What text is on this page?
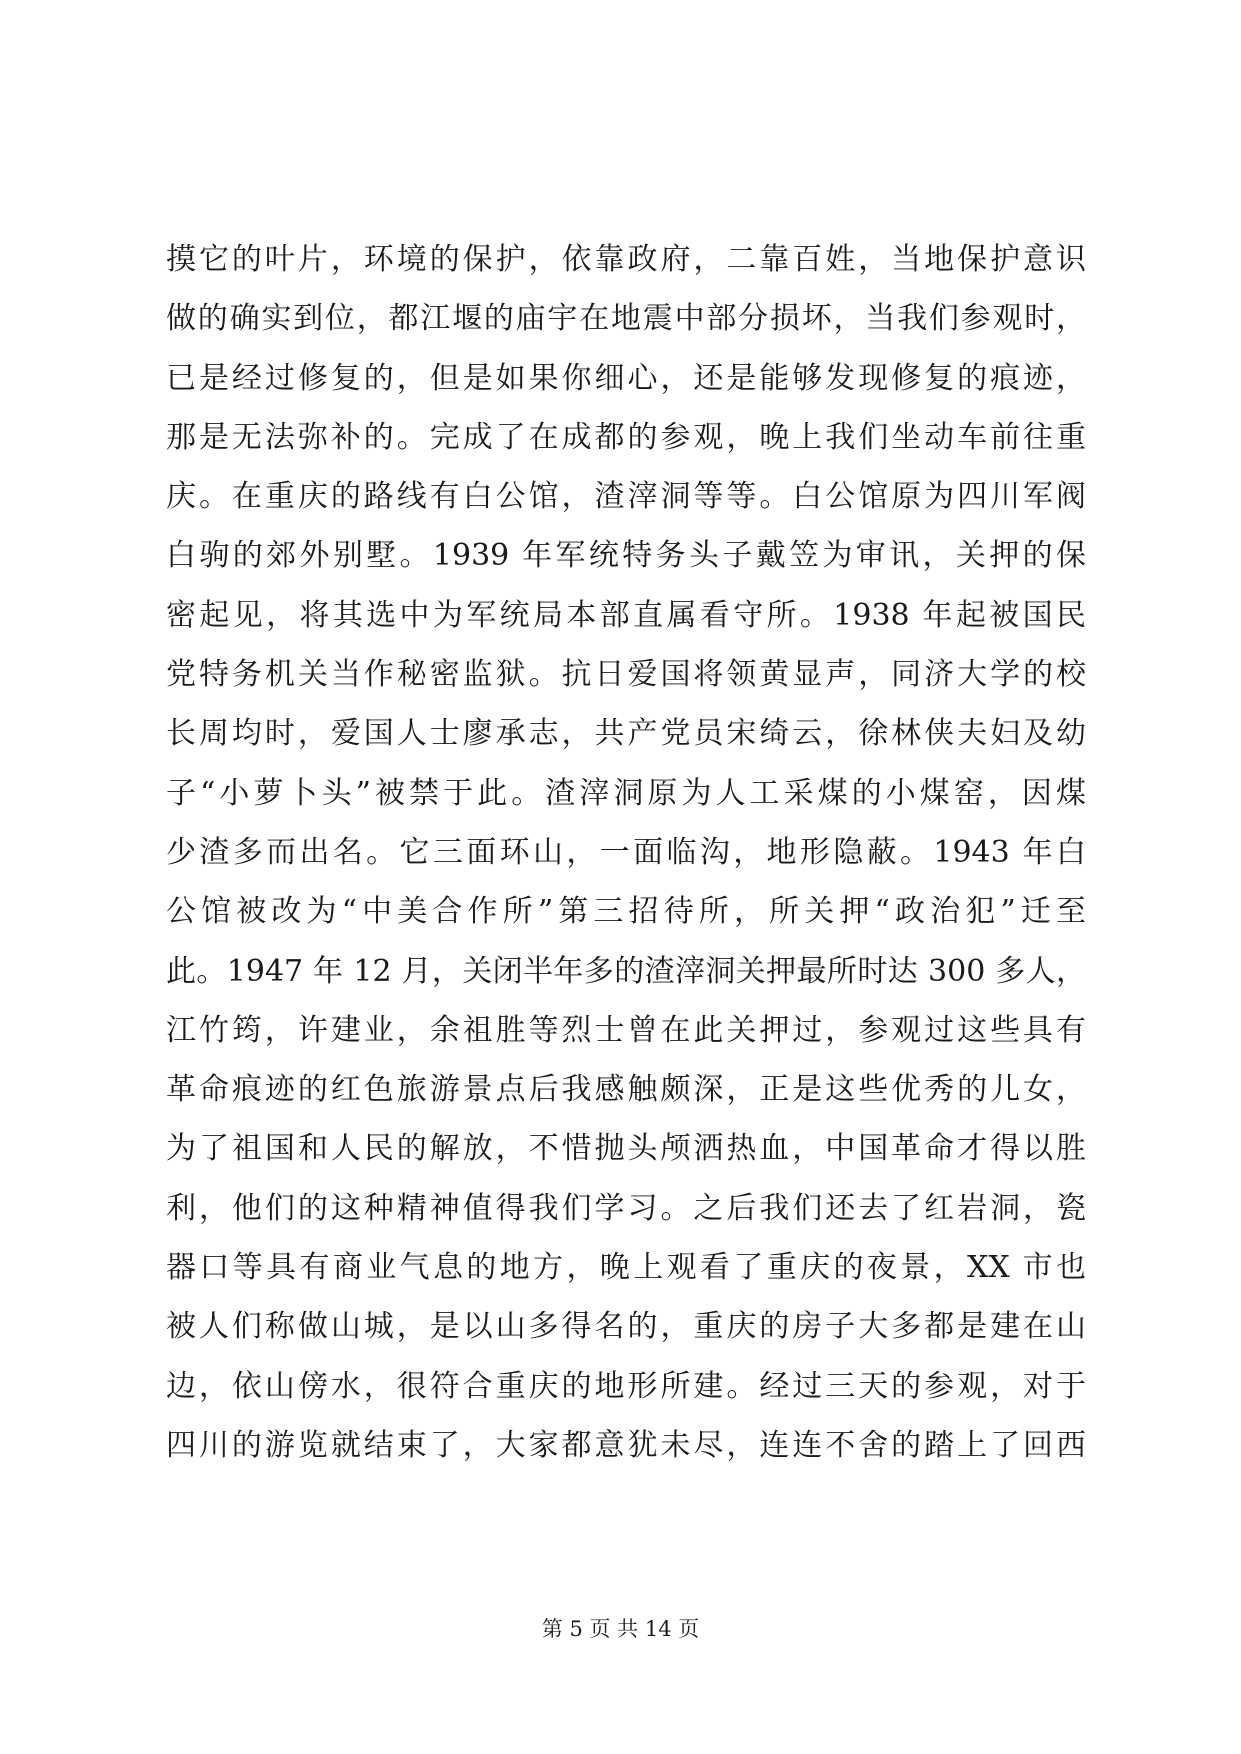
摸它的叶片，环境的保护，依靠政府，二靠百姓，当地保护意识
做的确实到位，都江堰的庙宇在地震中部分损坏，当我们参观时，
已是经过修复的，但是如果你细心，还是能够发现修复的痕迹，
那是无法弥补的。完成了在成都的参观，晚上我们坐动车前往重
庆。在重庆的路线有白公馆，渣滓洞等等。白公馆原为四川军阀
白驹的郊外别墅。1939 年军统特务头子戴笠为审讯，关押的保
密起见，将其选中为军统局本部直属看守所。1938 年起被国民
党特务机关当作秘密监狱。抗日爱国将领黄显声，同济大学的校
长周均时，爱国人士廖承志，共产党员宋绮云，徐林侠夫妇及幼
子“小萝卜头”被禁于此。渣滓洞原为人工采煤的小煤窑，因煤
少渣多而出名。它三面环山，一面临沟，地形隐蔽。1943 年白
公馆被改为“中美合作所”第三招待所，所关押“政治犯”迁至
此。1947 年 12 月，关闭半年多的渣滓洞关押最所时达 300 多人，
江竹筠，许建业，余祖胜等烈士曾在此关押过，参观过这些具有
革命痕迹的红色旅游景点后我感触颇深，正是这些优秀的儿女，
为了祖国和人民的解放，不惜抛头颅洒热血，中国革命才得以胜
利，他们的这种精神值得我们学习。之后我们还去了红岩洞，瓷
器口等具有商业气息的地方，晚上观看了重庆的夜景，XX 市也
被人们称做山城，是以山多得名的，重庆的房子大多都是建在山
边，依山傍水，很符合重庆的地形所建。经过三天的参观，对于
四川的游览就结束了，大家都意犹未尽，连连不舍的踏上了回西
第 5 页 共 14 页
